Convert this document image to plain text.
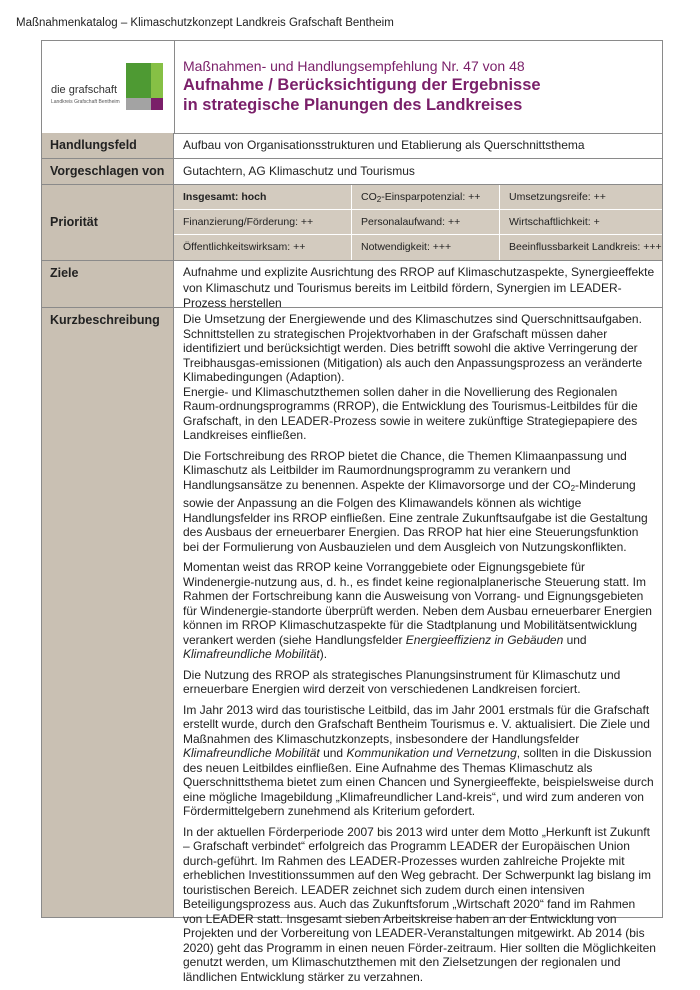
Maßnahmenkatalog – Klimaschutzkonzept Landkreis Grafschaft Bentheim
die grafschaft
Landkreis Grafschaft Bentheim
Maßnahmen- und Handlungsempfehlung Nr. 47 von 48
Aufnahme / Berücksichtigung der Ergebnisse
in strategische Planungen des Landkreises
Handlungsfeld	Aufbau von Organisationsstrukturen und Etablierung als Querschnittsthema
Vorgeschlagen von Gutachtern, AG Klimaschutz und Tourismus
Priorität
Insgesamt: hoch	$CO_2$-Einsparpotenzial: ++	Umsetzungsreife: ++
Finanzierung/Förderung: ++	Personalaufwand: ++	Wirtschaftlichkeit: +
Öffentlichkeitswirksam: ++	Notwendigkeit: +++	Beeinflussbarkeit Landkreis: +++
Ziele	Aufnahme und explizite Ausrichtung des RROP auf Klimaschutzaspekte, Synergieeffekte von Klimaschutz und Tourismus bereits im Leitbild fördern, Synergien im LEADER-Prozess herstellen
Kurzbeschreibung Die Umsetzung der Energiewende und des Klimaschutzes sind Querschnittsaufgaben. Schnittstellen zu strategischen Projektvorhaben in der Grafschaft müssen daher identifiziert und berücksichtigt werden. Dies betrifft sowohl die aktive Verringerung der Treibhausgas-emissionen (Mitigation) als auch den Anpassungsprozess an veränderte Klimabedingungen (Adaption).
Energie- und Klimaschutzthemen sollen daher in die Novellierung des Regionalen Raum-ordnungsprogramms (RROP), die Entwicklung des Tourismus-Leitbildes für die Grafschaft, in den LEADER-Prozess sowie in weitere zukünftige Strategiepapiere des Landkreises einfließen.

Die Fortschreibung des RROP bietet die Chance, die Themen Klimaanpassung und Klimaschutz als Leitbilder im Raumordnungsprogramm zu verankern und Handlungsansätze zu benennen. Aspekte der Klimavorsorge und der $CO_2$-Minderung sowie der Anpassung an die Folgen des Klimawandels können als wichtige Handlungsfelder ins RROP einfließen. Eine zentrale Zukunftsaufgabe ist die Gestaltung des Ausbaus der erneuerbarer Energien. Das RROP hat hier eine Steuerungsfunktion bei der Formulierung von Ausbauzielen und dem Ausgleich von Nutzungskonflikten.

Momentan weist das RROP keine Vorranggebiete oder Eignungsgebiete für Windenergie-nutzung aus, d. h., es findet keine regionalplanerische Steuerung statt. Im Rahmen der Fortschreibung kann die Ausweisung von Vorrang- und Eignungsgebieten für Windenergie-standorte überprüft werden. Neben dem Ausbau erneuerbarer Energien können im RROP Klimaschutzaspekte für die Stadtplanung und Mobilitätsentwicklung verankert werden (siehe Handlungsfelder Energieeffizienz in Gebäuden und Klimafreundliche Mobilität).

Die Nutzung des RROP als strategisches Planungsinstrument für Klimaschutz und erneuerbare Energien wird derzeit von verschiedenen Landkreisen forciert.

Im Jahr 2013 wird das touristische Leitbild, das im Jahr 2001 erstmals für die Grafschaft erstellt wurde, durch den Grafschaft Bentheim Tourismus e. V. aktualisiert. Die Ziele und Maßnahmen des Klimaschutzkonzepts, insbesondere der Handlungsfelder Klimafreundliche Mobilität und Kommunikation und Vernetzung, sollten in die Diskussion des neuen Leitbildes einfließen. Eine Aufnahme des Themas Klimaschutz als Querschnittsthema bietet zum einen Chancen und Synergieeffekte, beispielsweise durch eine mögliche Imagebildung „Klimafreundlicher Land-kreis“, und wird zum anderen von Fördermittelgebern zunehmend als Kriterium gefordert.

In der aktuellen Förderperiode 2007 bis 2013 wird unter dem Motto „Herkunft ist Zukunft – Grafschaft verbindet“ erfolgreich das Programm LEADER der Europäischen Union durch-geführt. Im Rahmen des LEADER-Prozesses wurden zahlreiche Projekte mit erheblichen Investitionssummen auf den Weg gebracht. Der Schwerpunkt lag bislang im touristischen Bereich. LEADER zeichnet sich zudem durch einen intensiven Beteiligungsprozess aus. Auch das Zukunftsforum „Wirtschaft 2020“ fand im Rahmen von LEADER statt. Insgesamt sieben Arbeitskreise haben an der Entwicklung von Projekten und der Vorbereitung von LEADER-Veranstaltungen mitgewirkt. Ab 2014 (bis 2020) geht das Programm in einen neuen Förder-zeitraum. Hier sollten die Möglichkeiten genutzt werden, um Klimaschutzthemen mit den Zielsetzungen der regionalen und ländlichen Entwicklung stärker zu verzahnen.
